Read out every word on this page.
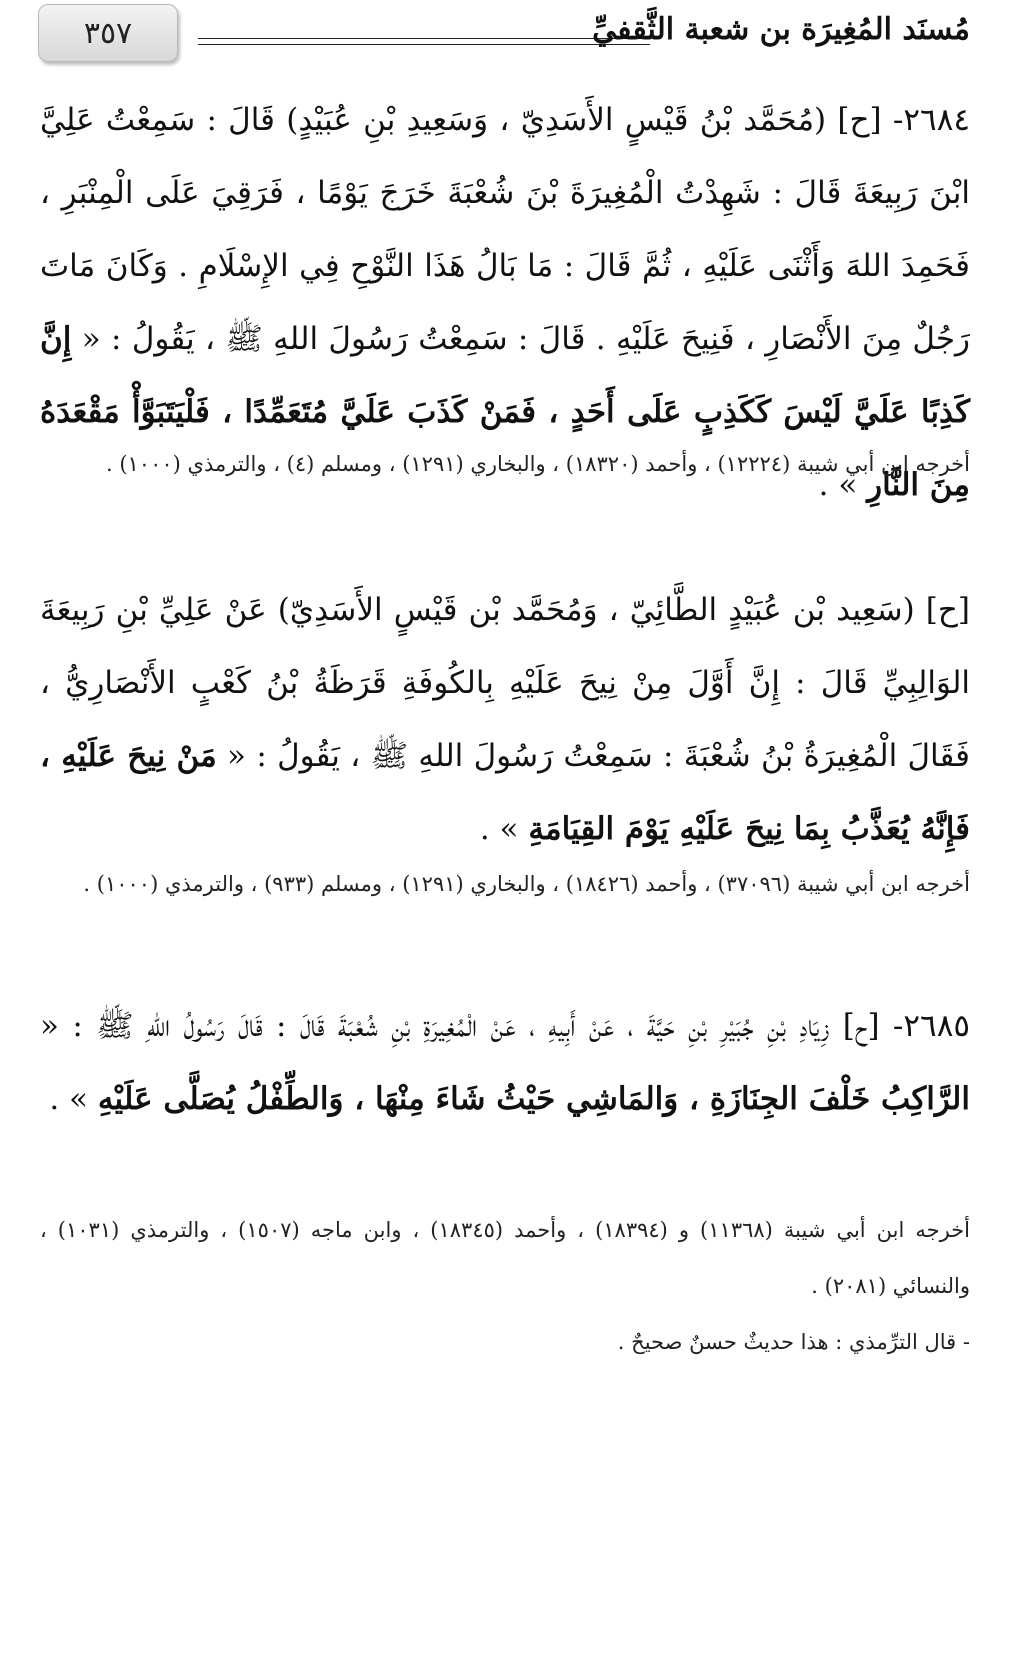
٣٥٧	مُسنَد المُغِيرَة بن شعبة الثَّقفيِّ
٢٦٨٤- [ح] (مُحَمَّد بْنُ قَيْسٍ الأَسَدِيّ ، وَسَعِيدِ بْنِ عُبَيْدٍ) قَالَ : سَمِعْتُ عَلِيَّ ابْنَ رَبِيعَةَ قَالَ : شَهِدْتُ الْمُغِيرَةَ بْنَ شُعْبَةَ خَرَجَ يَوْمًا ، فَرَقِيَ عَلَى الْمِنْبَرِ ، فَحَمِدَ اللهَ وَأَثْنَى عَلَيْهِ ، ثُمَّ قَالَ : مَا بَالُ هَذَا النَّوْحِ فِي الإِسْلَامِ . وَكَانَ مَاتَ رَجُلٌ مِنَ الأَنْصَارِ ، فَنِيحَ عَلَيْهِ . قَالَ : سَمِعْتُ رَسُولَ اللهِ ﷺ ، يَقُولُ : « إِنَّ كَذِبًا عَلَيَّ لَيْسَ كَكَذِبٍ عَلَى أَحَدٍ ، فَمَنْ كَذَبَ عَلَيَّ مُتَعَمِّدًا ، فَلْيَتَبَوَّأْ مَقْعَدَهُ مِنَ النَّارِ » .
أخرجه ابن أبي شيبة (١٢٢٢٤) ، وأحمد (١٨٣٢٠) ، والبخاري (١٢٩١) ، ومسلم (٤) ، والترمذي (١٠٠٠) .
[ح] (سَعِيد بْن عُبَيْدٍ الطَّائِيّ ، وَمُحَمَّد بْن قَيْسٍ الأَسَدِيّ) عَنْ عَلِيِّ بْنِ رَبِيعَةَ الوَالِبِيِّ قَالَ : إِنَّ أَوَّلَ مِنْ نِيحَ عَلَيْهِ بِالكُوفَةِ قَرَظَةُ بْنُ كَعْبٍ الأَنْصَارِيُّ ، فَقَالَ الْمُغِيرَةُ بْنُ شُعْبَةَ : سَمِعْتُ رَسُولَ اللهِ ﷺ ، يَقُولُ : « مَنْ نِيحَ عَلَيْهِ ، فَإِنَّهُ يُعَذَّبُ بِمَا نِيحَ عَلَيْهِ يَوْمَ القِيَامَةِ » .
أخرجه ابن أبي شيبة (٣٧٠٩٦) ، وأحمد (١٨٤٢٦) ، والبخاري (١٢٩١) ، ومسلم (٩٣٣) ، والترمذي (١٠٠٠) .
٢٦٨٥- [ح] زِيَادِ بْنِ جُبَيْرِ بْنِ حَيَّةَ ، عَنْ أَبِيهِ ، عَنْ الْمُغِيرَةِ بْنِ شُعْبَةَ قَالَ : قَالَ رَسُولُ اللهِ ﷺ : « الرَّاكِبُ خَلْفَ الجِنَازَةِ ، وَالمَاشِي حَيْثُ شَاءَ مِنْهَا ، وَالطِّفْلُ يُصَلَّى عَلَيْهِ » .
أخرجه ابن أبي شيبة (١١٣٦٨) و (١٨٣٩٤) ، وأحمد (١٨٣٤٥) ، وابن ماجه (١٥٠٧) ، والترمذي (١٠٣١) ، والنسائي (٢٠٨١) .
- قال الترِّمذي : هذا حديثٌ حسنٌ صحيحٌ .
